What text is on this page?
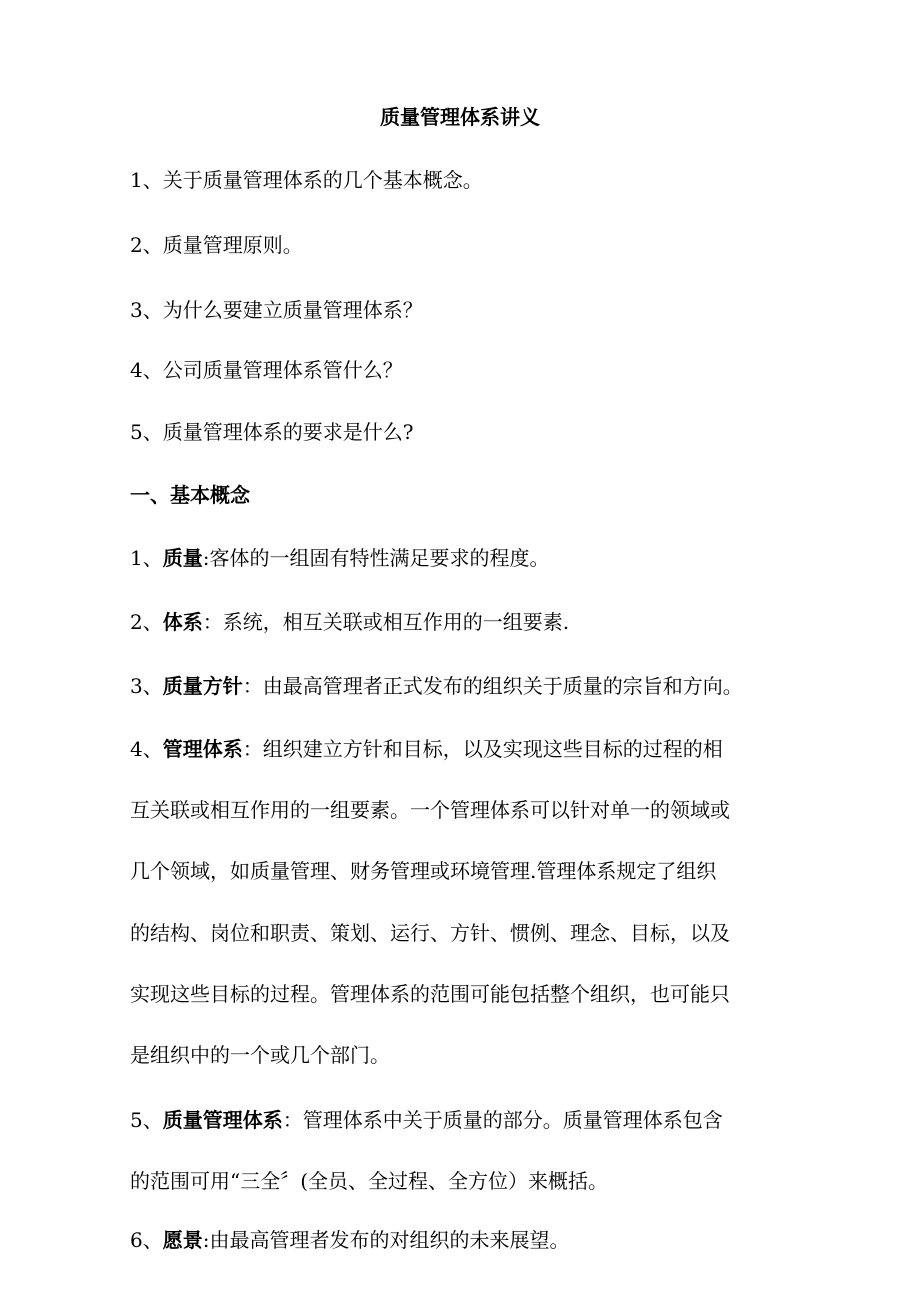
质量管理体系讲义
1、关于质量管理体系的几个基本概念。
2、质量管理原则。
3、为什么要建立质量管理体系？
4、公司质量管理体系管什么？
5、质量管理体系的要求是什么?
一、基本概念
1、质量:客体的一组固有特性满足要求的程度。
2、体系：系统，相互关联或相互作用的一组要素.
3、质量方针：由最高管理者正式发布的组织关于质量的宗旨和方向。
4、管理体系：组织建立方针和目标，以及实现这些目标的过程的相
互关联或相互作用的一组要素。一个管理体系可以针对单一的领域或
几个领域，如质量管理、财务管理或环境管理.管理体系规定了组织
的结构、岗位和职责、策划、运行、方针、惯例、理念、目标，以及
实现这些目标的过程。管理体系的范围可能包括整个组织，也可能只
是组织中的一个或几个部门。
5、质量管理体系：管理体系中关于质量的部分。质量管理体系包含
的范围可用“三全〞(全员、全过程、全方位）来概括。
6、愿景:由最高管理者发布的对组织的未来展望。
